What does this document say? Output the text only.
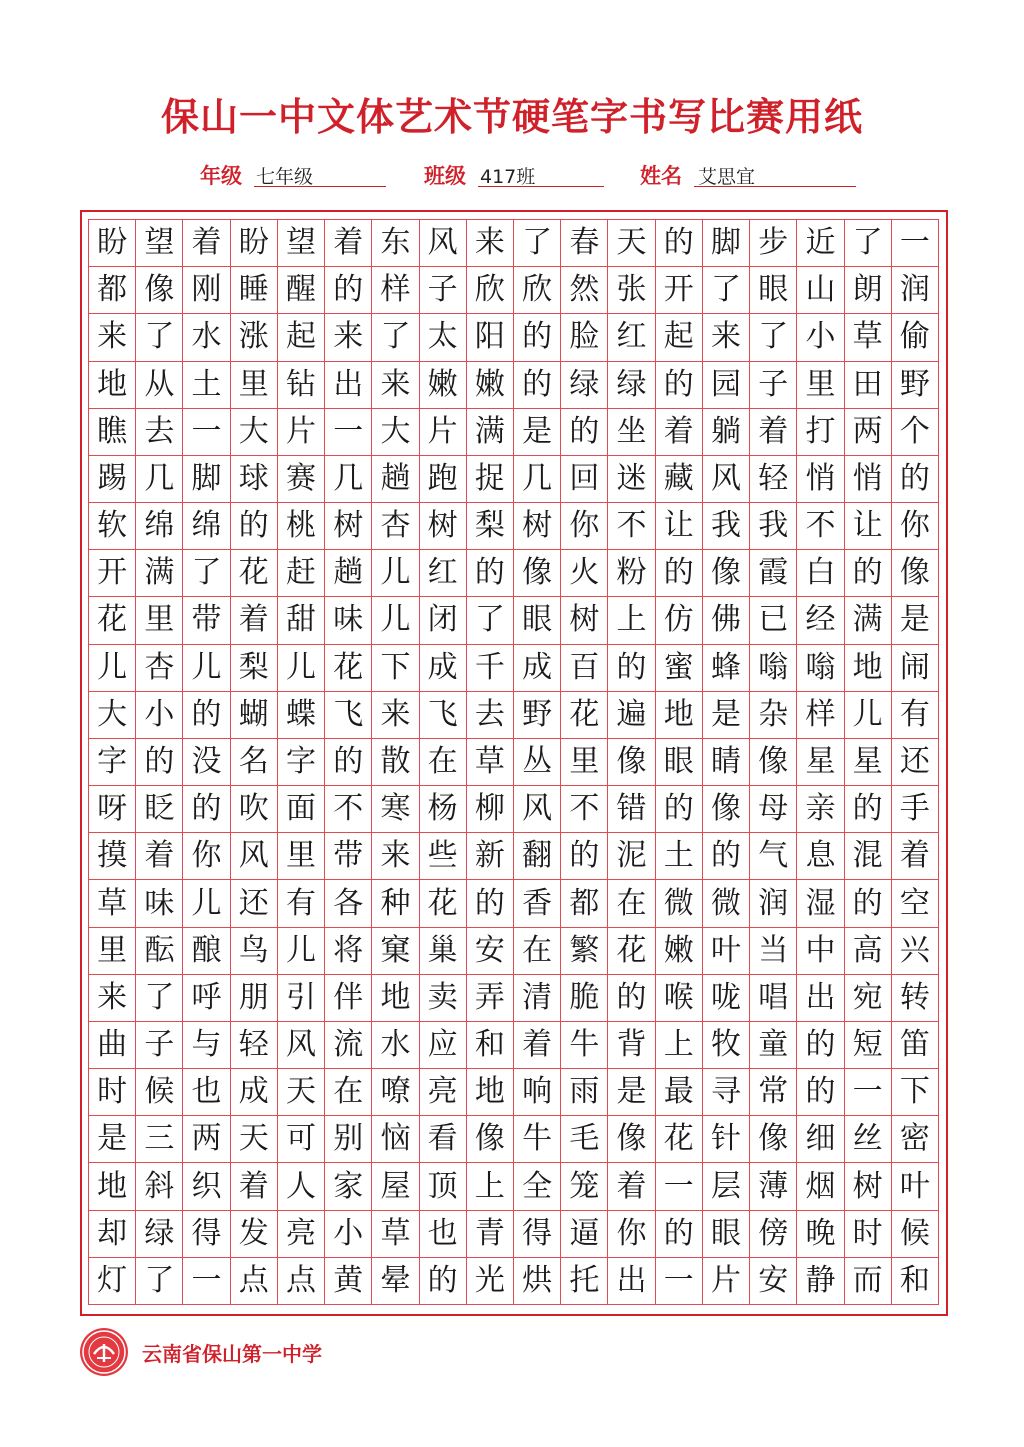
保山一中文体艺术节硬笔字书写比赛用纸
年级 七年级	班级 417班	姓名 艾思宜
盼 望 着 盼 望 着 东 风 来 了 春 天 的 脚 步 近 了 一
都 像 刚 睡 醒 的 样 子 欣 欣 然 张 开 了 眼 山 朗 润
来 了 水 涨 起 来 了 太 阳 的 脸 红 起 来 了 小 草 偷
地 从 土 里 钻 出 来 嫩 嫩 的 绿 绿 的 园 子 里 田 野
瞧 去 一 大 片 一 大 片 满 是 的 坐 着 躺 着 打 两 个
踢 几 脚 球 赛 几 趟 跑 捉 几 回 迷 藏 风 轻 悄 悄 的
软 绵 绵 的 桃 树 杏 树 梨 树 你 不 让 我 我 不 让 你
开 满 了 花 赶 趟 儿 红 的 像 火 粉 的 像 霞 白 的 像
花 里 带 着 甜 味 儿 闭 了 眼 树 上 仿 佛 已 经 满 是
儿 杏 儿 梨 儿 花 下 成 千 成 百 的 蜜 蜂 嗡 嗡 地 闹
大 小 的 蝴 蝶 飞 来 飞 去 野 花 遍 地 是 杂 样 儿 有
字 的 没 名 字 的 散 在 草 丛 里 像 眼 睛 像 星 星 还
呀 眨 的 吹 面 不 寒 杨 柳 风 不 错 的 像 母 亲 的 手
摸 着 你 风 里 带 来 些 新 翻 的 泥 土 的 气 息 混 着
草 味 儿 还 有 各 种 花 的 香 都 在 微 微 润 湿 的 空
里 酝 酿 鸟 儿 将 窠 巢 安 在 繁 花 嫩 叶 当 中 高 兴
来 了 呼 朋 引 伴 地 卖 弄 清 脆 的 喉 咙 唱 出 宛 转
曲 子 与 轻 风 流 水 应 和 着 牛 背 上 牧 童 的 短 笛
时 候 也 成 天 在 嘹 亮 地 响 雨 是 最 寻 常 的 一 下
是 三 两 天 可 别 恼 看 像 牛 毛 像 花 针 像 细 丝 密
地 斜 织 着 人 家 屋 顶 上 全 笼 着 一 层 薄 烟 树 叶
却 绿 得 发 亮 小 草 也 青 得 逼 你 的 眼 傍 晚 时 候
灯 了 一 点 点 黄 晕 的 光 烘 托 出 一 片 安 静 而 和
云南省保山第一中学
